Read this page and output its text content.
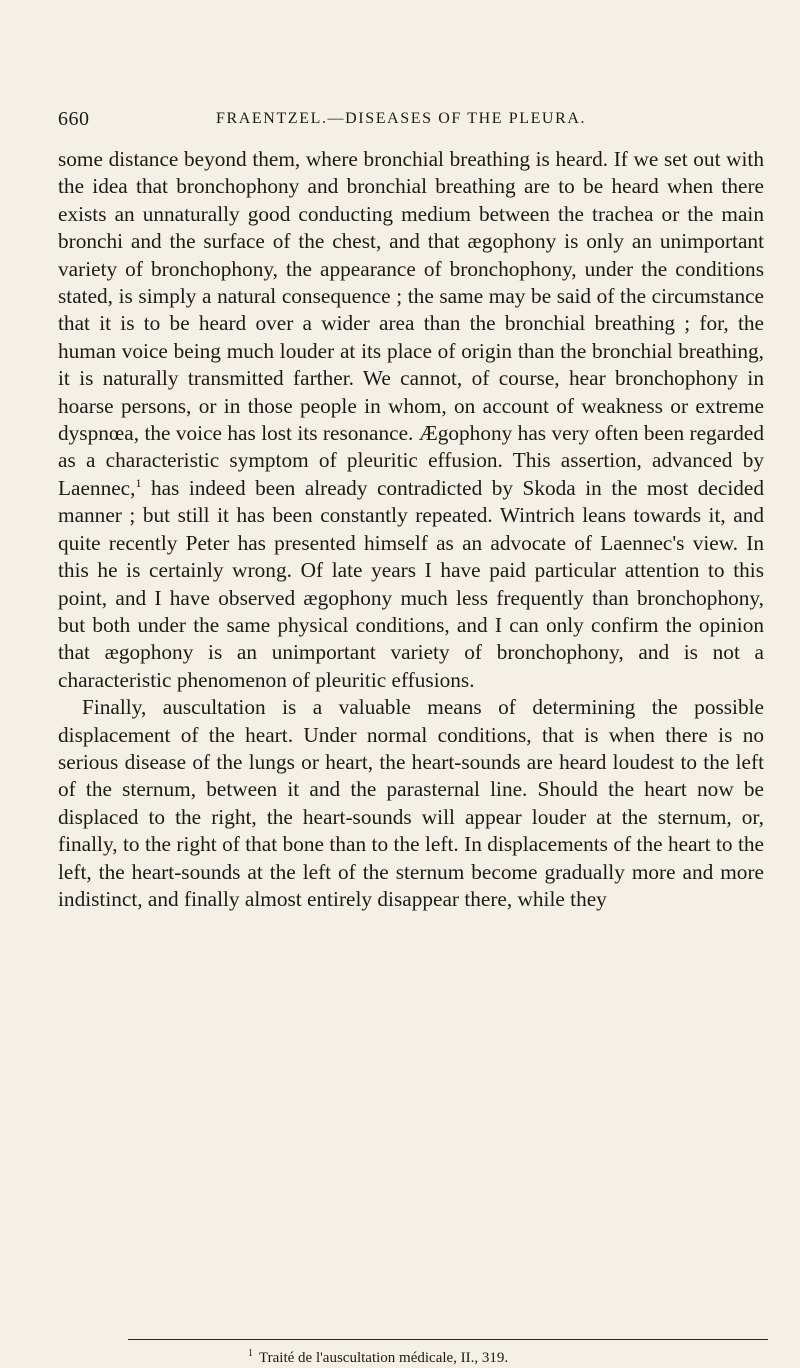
660	FRAENTZEL.—DISEASES OF THE PLEURA.

some distance beyond them, where bronchial breathing is heard. If we set out with the idea that bronchophony and bronchial breathing are to be heard when there exists an unnaturally good conducting medium between the trachea or the main bronchi and the surface of the chest, and that ægophony is only an unimportant variety of bronchophony, the appearance of bronchophony, under the conditions stated, is simply a natural consequence ; the same may be said of the circumstance that it is to be heard over a wider area than the bronchial breathing ; for, the human voice being much louder at its place of origin than the bronchial breathing, it is naturally transmitted farther. We cannot, of course, hear bronchophony in hoarse persons, or in those people in whom, on account of weakness or extreme dyspnœa, the voice has lost its resonance. Ægophony has very often been regarded as a characteristic symptom of pleuritic effusion. This assertion, advanced by Laennec,$^1$ has indeed been already contradicted by Skoda in the most decided manner ; but still it has been constantly repeated. Wintrich leans towards it, and quite recently Peter has presented himself as an advocate of Laennec's view. In this he is certainly wrong. Of late years I have paid particular attention to this point, and I have observed ægophony much less frequently than bronchophony, but both under the same physical conditions, and I can only confirm the opinion that ægophony is an unimportant variety of bronchophony, and is not a characteristic phenomenon of pleuritic effusions.

Finally, auscultation is a valuable means of determining the possible displacement of the heart. Under normal conditions, that is when there is no serious disease of the lungs or heart, the heart-sounds are heard loudest to the left of the sternum, between it and the parasternal line. Should the heart now be displaced to the right, the heart-sounds will appear louder at the sternum, or, finally, to the right of that bone than to the left. In displacements of the heart to the left, the heart-sounds at the left of the sternum become gradually more and more indistinct, and finally almost entirely disappear there, while they

$^1$ Traité de l'auscultation médicale, II., 319.
